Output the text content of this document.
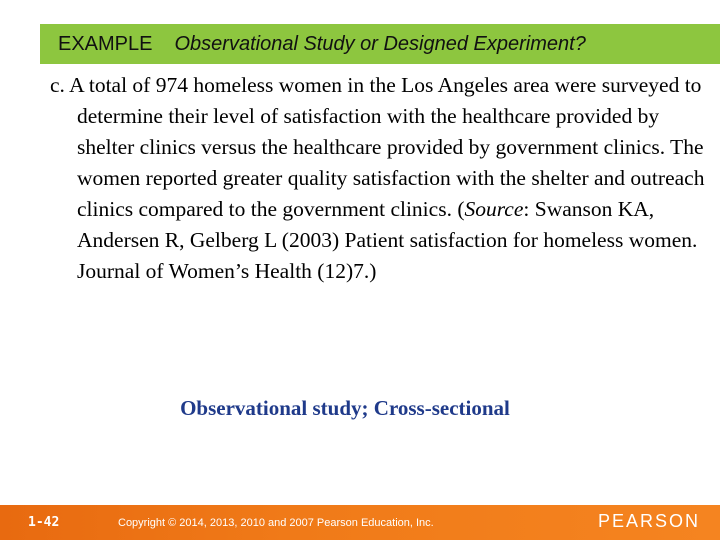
EXAMPLE Observational Study or Designed Experiment?
c. A total of 974 homeless women in the Los Angeles area were surveyed to determine their level of satisfaction with the healthcare provided by shelter clinics versus the healthcare provided by government clinics. The women reported greater quality satisfaction with the shelter and outreach clinics compared to the government clinics. (Source: Swanson KA, Andersen R, Gelberg L (2003) Patient satisfaction for homeless women. Journal of Women’s Health (12)7.)
Observational study; Cross-sectional
1-42	Copyright © 2014, 2013, 2010 and 2007 Pearson Education, Inc.	PEARSON
